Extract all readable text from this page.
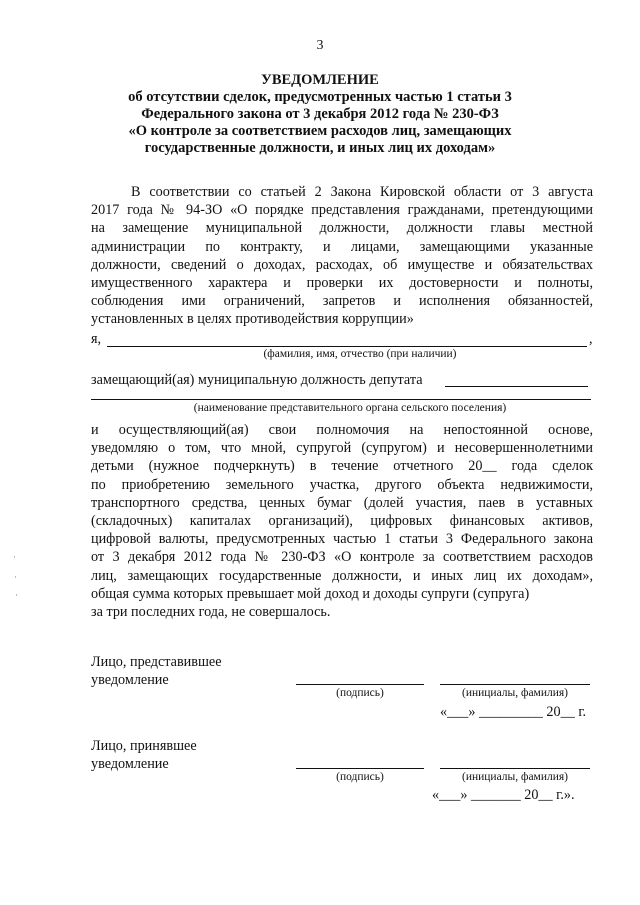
3
УВЕДОМЛЕНИЕ
об отсутствии сделок, предусмотренных частью 1 статьи 3
Федерального закона от 3 декабря 2012 года № 230-ФЗ
«О контроле за соответствием расходов лиц, замещающих
государственные должности, и иных лиц их доходам»
В соответствии со статьей 2 Закона Кировской области от 3 августа
2017 года № 94-ЗО «О порядке представления гражданами, претендующими
на замещение муниципальной должности, должности главы местной
администрации по контракту, и лицами, замещающими указанные
должности, сведений о доходах, расходах, об имуществе и обязательствах
имущественного характера и проверки их достоверности и полноты,
соблюдения ими ограничений, запретов и исполнения обязанностей,
установленных в целях противодействия коррупции»
я,	,
(фамилия, имя, отчество (при наличии)
замещающий(ая) муниципальную должность депутата
(наименование представительного органа сельского поселения)
и осуществляющий(ая) свои полномочия на непостоянной основе,
уведомляю о том, что мной, супругой (супругом) и несовершеннолетними
детьми (нужное подчеркнуть) в течение отчетного 20__ года сделок
по приобретению земельного участка, другого объекта недвижимости,
транспортного средства, ценных бумаг (долей участия, паев в уставных
(складочных) капиталах организаций), цифровых финансовых активов,
цифровой валюты, предусмотренных частью 1 статьи 3 Федерального закона
от 3 декабря 2012 года № 230-ФЗ «О контроле за соответствием расходов
лиц, замещающих государственные должности, и иных лиц их доходам»,
общая сумма которых превышает мой доход и доходы супруги (супруга)
за три последних года, не совершалось.
Лицо, представившее
уведомление
(подпись)	(инициалы, фамилия)
«___» _________ 20__ г.
Лицо, принявшее
уведомление
(подпись)	(инициалы, фамилия)
«___» _______ 20__ г.».
·
·
·
